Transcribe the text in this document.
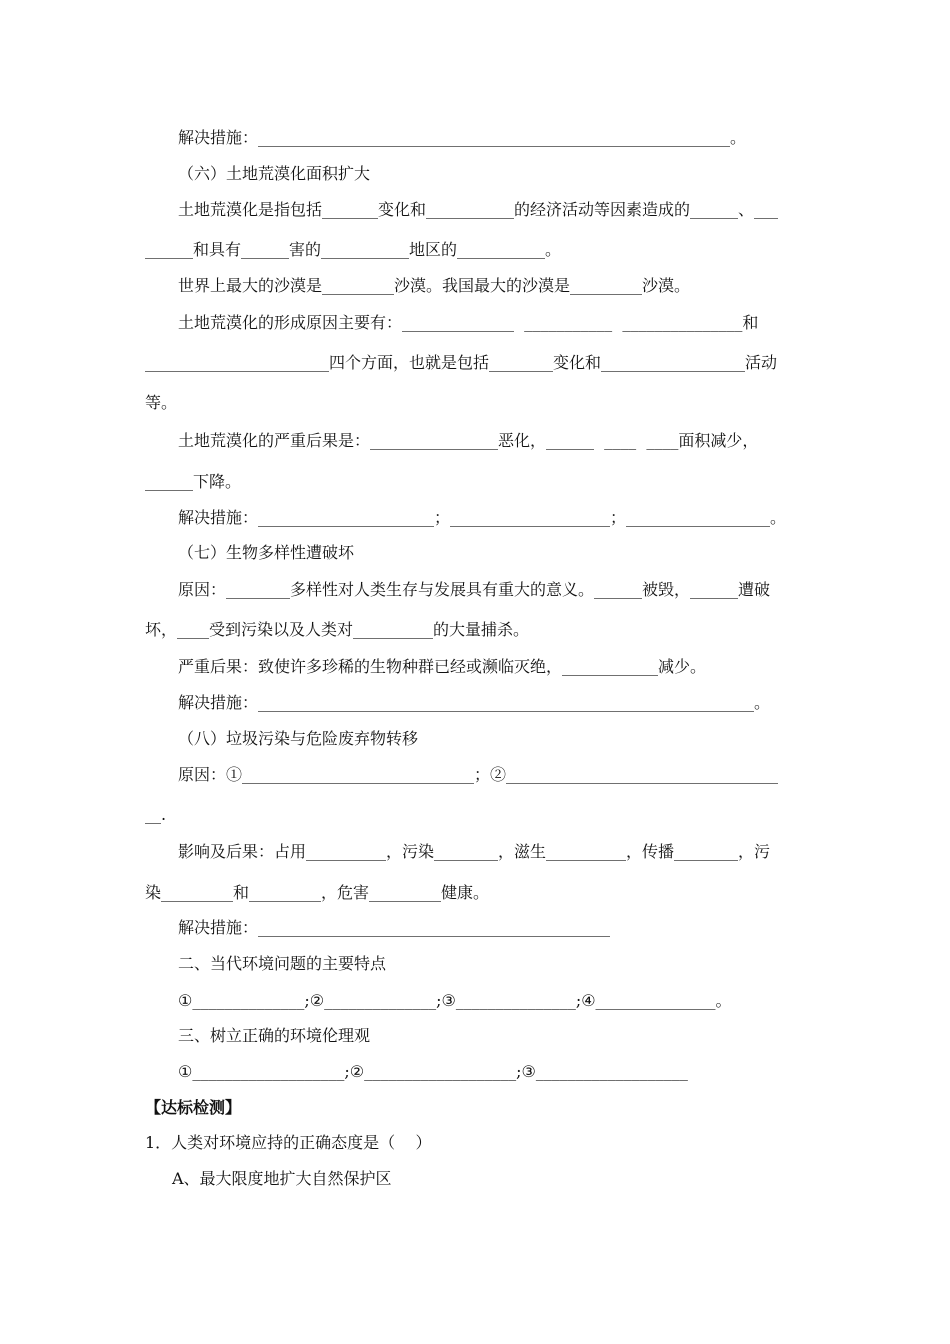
解决措施：___________________________________________________________。

（六）土地荒漠化面积扩大

土地荒漠化是指包括_______变化和___________的经济活动等因素造成的______、___

______和具有______害的___________地区的___________。

世界上最大的沙漠是_________沙漠。我国最大的沙漠是_________沙漠。

土地荒漠化的形成原因主要有：______________  ___________  _______________和

_______________________四个方面，也就是包括________变化和__________________活动

等。

土地荒漠化的严重后果是：________________恶化，______  ____  ____面积减少，

______下降。

解决措施：______________________；____________________；__________________。

（七）生物多样性遭破坏

原因：________多样性对人类生存与发展具有重大的意义。______被毁，______遭破

坏，____受到污染以及人类对__________的大量捕杀。

严重后果：致使许多珍稀的生物种群已经或濒临灭绝，____________减少。

解决措施：______________________________________________________________。

（八）垃圾污染与危险废弃物转移

原因：①_____________________________；②__________________________________

__.

影响及后果：占用__________，污染________，滋生__________，传播________，污

染_________和_________，危害_________健康。

解决措施：____________________________________________

二、当代环境问题的主要特点

①______________;②______________;③_______________;④_______________。

三、树立正确的环境伦理观

①___________________;②___________________;③___________________

【达标检测】

1．人类对环境应持的正确态度是（    ）

A、最大限度地扩大自然保护区
